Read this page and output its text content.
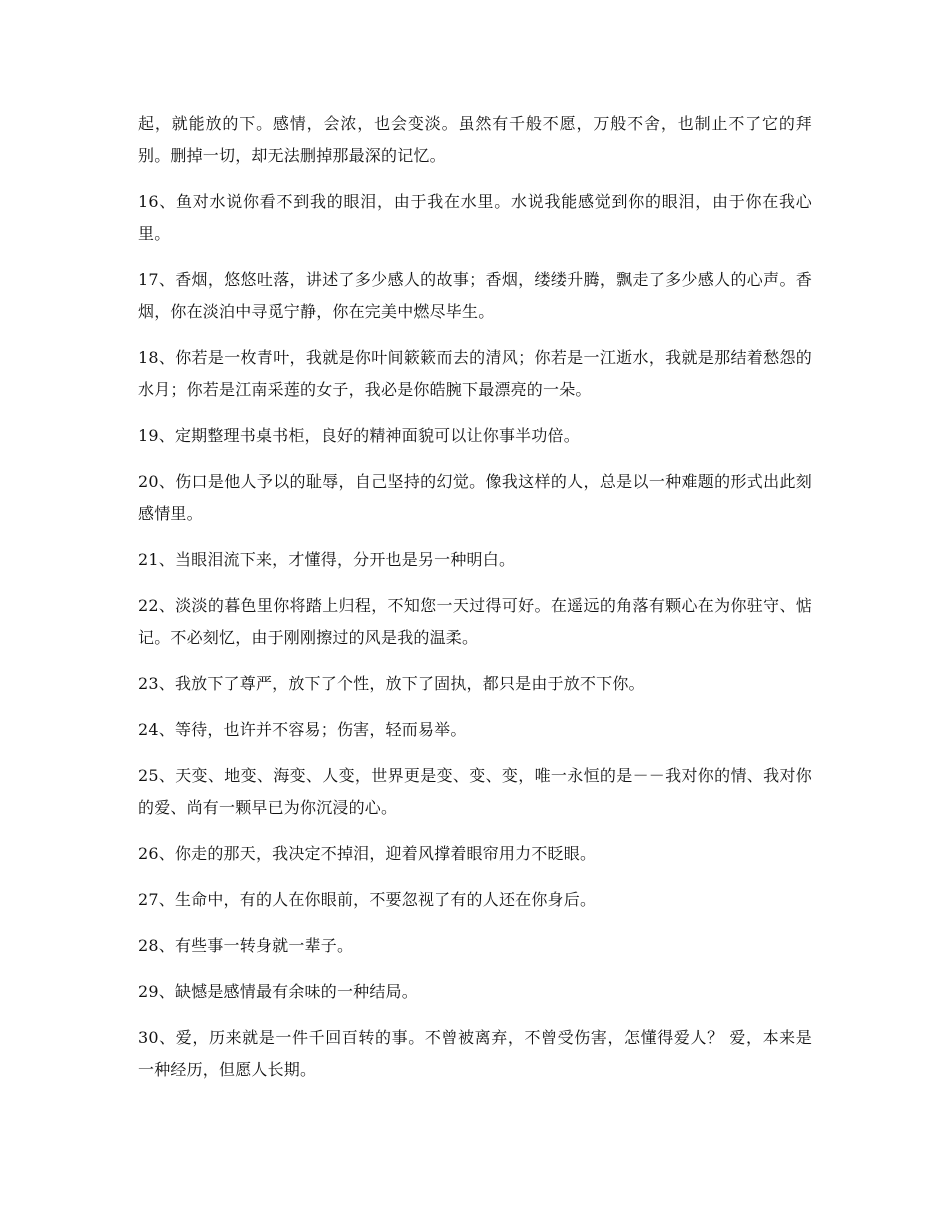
起，就能放的下。感情，会浓，也会变淡。虽然有千般不愿，万般不舍，也制止不了它的拜别。删掉一切，却无法删掉那最深的记忆。

16、鱼对水说你看不到我的眼泪，由于我在水里。水说我能感觉到你的眼泪，由于你在我心里。

17、香烟，悠悠吐落，讲述了多少感人的故事；香烟，缕缕升腾，飘走了多少感人的心声。香烟，你在淡泊中寻觅宁静，你在完美中燃尽毕生。

18、你若是一枚青叶，我就是你叶间簌簌而去的清风；你若是一江逝水，我就是那结着愁怨的水月；你若是江南采莲的女子，我必是你皓腕下最漂亮的一朵。

19、定期整理书桌书柜，良好的精神面貌可以让你事半功倍。

20、伤口是他人予以的耻辱，自己坚持的幻觉。像我这样的人，总是以一种难题的形式出此刻感情里。

21、当眼泪流下来，才懂得，分开也是另一种明白。

22、淡淡的暮色里你将踏上归程，不知您一天过得可好。在遥远的角落有颗心在为你驻守、惦记。不必刻忆，由于刚刚擦过的风是我的温柔。

23、我放下了尊严，放下了个性，放下了固执，都只是由于放不下你。

24、等待，也许并不容易；伤害，轻而易举。

25、天变、地变、海变、人变，世界更是变、变、变，唯一永恒的是－－我对你的情、我对你的爱、尚有一颗早已为你沉浸的心。

26、你走的那天，我决定不掉泪，迎着风撑着眼帘用力不眨眼。

27、生命中，有的人在你眼前，不要忽视了有的人还在你身后。

28、有些事一转身就一辈子。

29、缺憾是感情最有余味的一种结局。

30、爱，历来就是一件千回百转的事。不曾被离弃，不曾受伤害，怎懂得爱人？ 爱，本来是一种经历，但愿人长期。
